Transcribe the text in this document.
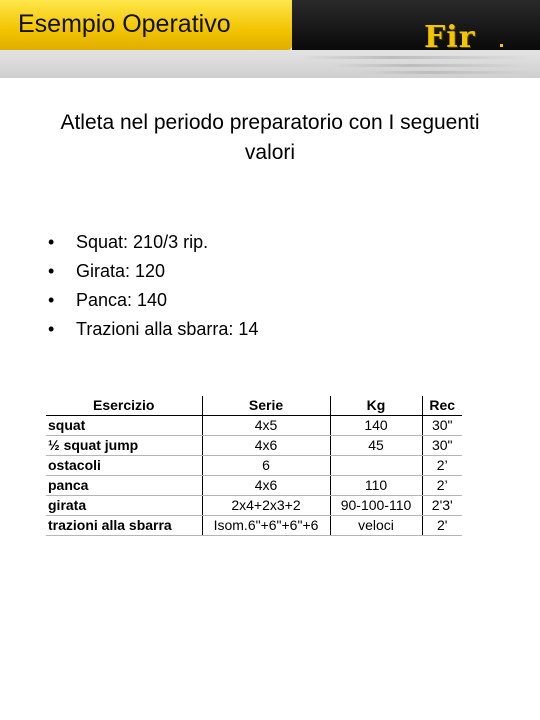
Esempio Operativo	Fir
Atleta nel periodo preparatorio con I seguenti valori
• Squat: 210/3 rip.
• Girata: 120
• Panca: 140
• Trazioni alla sbarra: 14
Esercizio	Serie	Kg	Rec
squat	4x5	140	30"
½ squat jump	4x6	45	30"
ostacoli	6		2’
panca	4x6	110	2’
girata	2x4+2x3+2	90-100-110	2'3'
trazioni alla sbarra	Isom.6"+6"+6"+6	veloci	2'
